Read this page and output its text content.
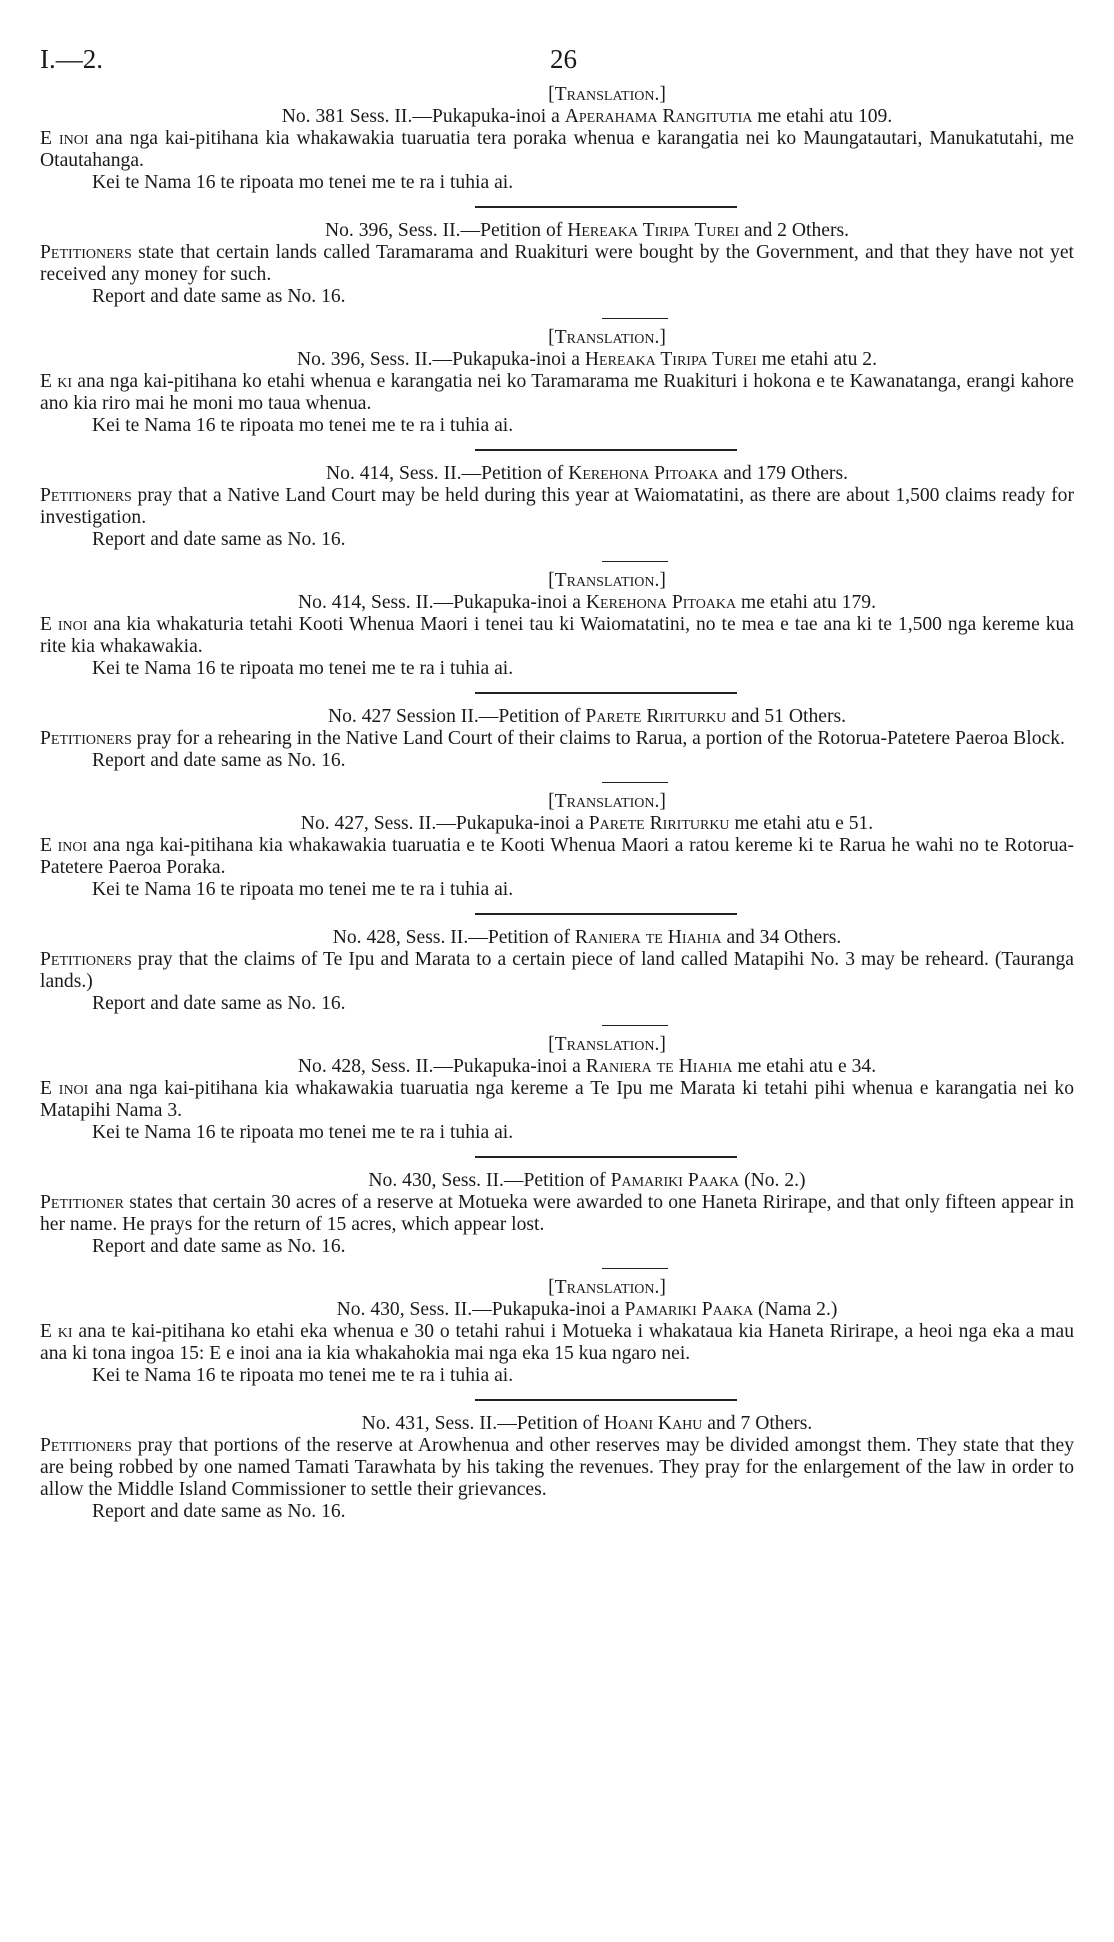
I.—2.	26
[Translation.]
No. 381 Sess. II.—Pukapuka-inoi a Aperahama Rangitutia me etahi atu 109.
E inoi ana nga kai-pitihana kia whakawakia tuaruatia tera poraka whenua e karangatia nei ko Maungatautari, Manukatutahi, me Otautahanga.
Kei te Nama 16 te ripoata mo tenei me te ra i tuhia ai.
No. 396, Sess. II.—Petition of Hereaka Tiripa Turei and 2 Others.
Petitioners state that certain lands called Taramarama and Ruakituri were bought by the Government, and that they have not yet received any money for such.
Report and date same as No. 16.
[Translation.]
No. 396, Sess. II.—Pukapuka-inoi a Hereaka Tiripa Turei me etahi atu 2.
E ki ana nga kai-pitihana ko etahi whenua e karangatia nei ko Taramarama me Ruakituri i hokona e te Kawanatanga, erangi kahore ano kia riro mai he moni mo taua whenua.
Kei te Nama 16 te ripoata mo tenei me te ra i tuhia ai.
No. 414, Sess. II.—Petition of Kerehona Pitoaka and 179 Others.
Petitioners pray that a Native Land Court may be held during this year at Waiomatatini, as there are about 1,500 claims ready for investigation.
Report and date same as No. 16.
[Translation.]
No. 414, Sess. II.—Pukapuka-inoi a Kerehona Pitoaka me etahi atu 179.
E inoi ana kia whakaturia tetahi Kooti Whenua Maori i tenei tau ki Waiomatatini, no te mea e tae ana ki te 1,500 nga kereme kua rite kia whakawakia.
Kei te Nama 16 te ripoata mo tenei me te ra i tuhia ai.
No. 427 Session II.—Petition of Parete Ririturku and 51 Others.
Petitioners pray for a rehearing in the Native Land Court of their claims to Rarua, a portion of the Rotorua-Patetere Paeroa Block.
Report and date same as No. 16.
[Translation.]
No. 427, Sess. II.—Pukapuka-inoi a Parete Ririturku me etahi atu e 51.
E inoi ana nga kai-pitihana kia whakawakia tuaruatia e te Kooti Whenua Maori a ratou kereme ki te Rarua he wahi no te Rotorua-Patetere Paeroa Poraka.
Kei te Nama 16 te ripoata mo tenei me te ra i tuhia ai.
No. 428, Sess. II.—Petition of Raniera te Hiahia and 34 Others.
Petitioners pray that the claims of Te Ipu and Marata to a certain piece of land called Matapihi No. 3 may be reheard. (Tauranga lands.)
Report and date same as No. 16.
[Translation.]
No. 428, Sess. II.—Pukapuka-inoi a Raniera te Hiahia me etahi atu e 34.
E inoi ana nga kai-pitihana kia whakawakia tuaruatia nga kereme a Te Ipu me Marata ki tetahi pihi whenua e karangatia nei ko Matapihi Nama 3.
Kei te Nama 16 te ripoata mo tenei me te ra i tuhia ai.
No. 430, Sess. II.—Petition of Pamariki Paaka (No. 2.)
Petitioner states that certain 30 acres of a reserve at Motueka were awarded to one Haneta Ririrape, and that only fifteen appear in her name. He prays for the return of 15 acres, which appear lost.
Report and date same as No. 16.
[Translation.]
No. 430, Sess. II.—Pukapuka-inoi a Pamariki Paaka (Nama 2.)
E ki ana te kai-pitihana ko etahi eka whenua e 30 o tetahi rahui i Motueka i whakataua kia Haneta Ririrape, a heoi nga eka a mau ana ki tona ingoa 15: E e inoi ana ia kia whakahokia mai nga eka 15 kua ngaro nei.
Kei te Nama 16 te ripoata mo tenei me te ra i tuhia ai.
No. 431, Sess. II.—Petition of Hoani Kahu and 7 Others.
Petitioners pray that portions of the reserve at Arowhenua and other reserves may be divided amongst them. They state that they are being robbed by one named Tamati Tarawhata by his taking the revenues. They pray for the enlargement of the law in order to allow the Middle Island Commissioner to settle their grievances.
Report and date same as No. 16.
